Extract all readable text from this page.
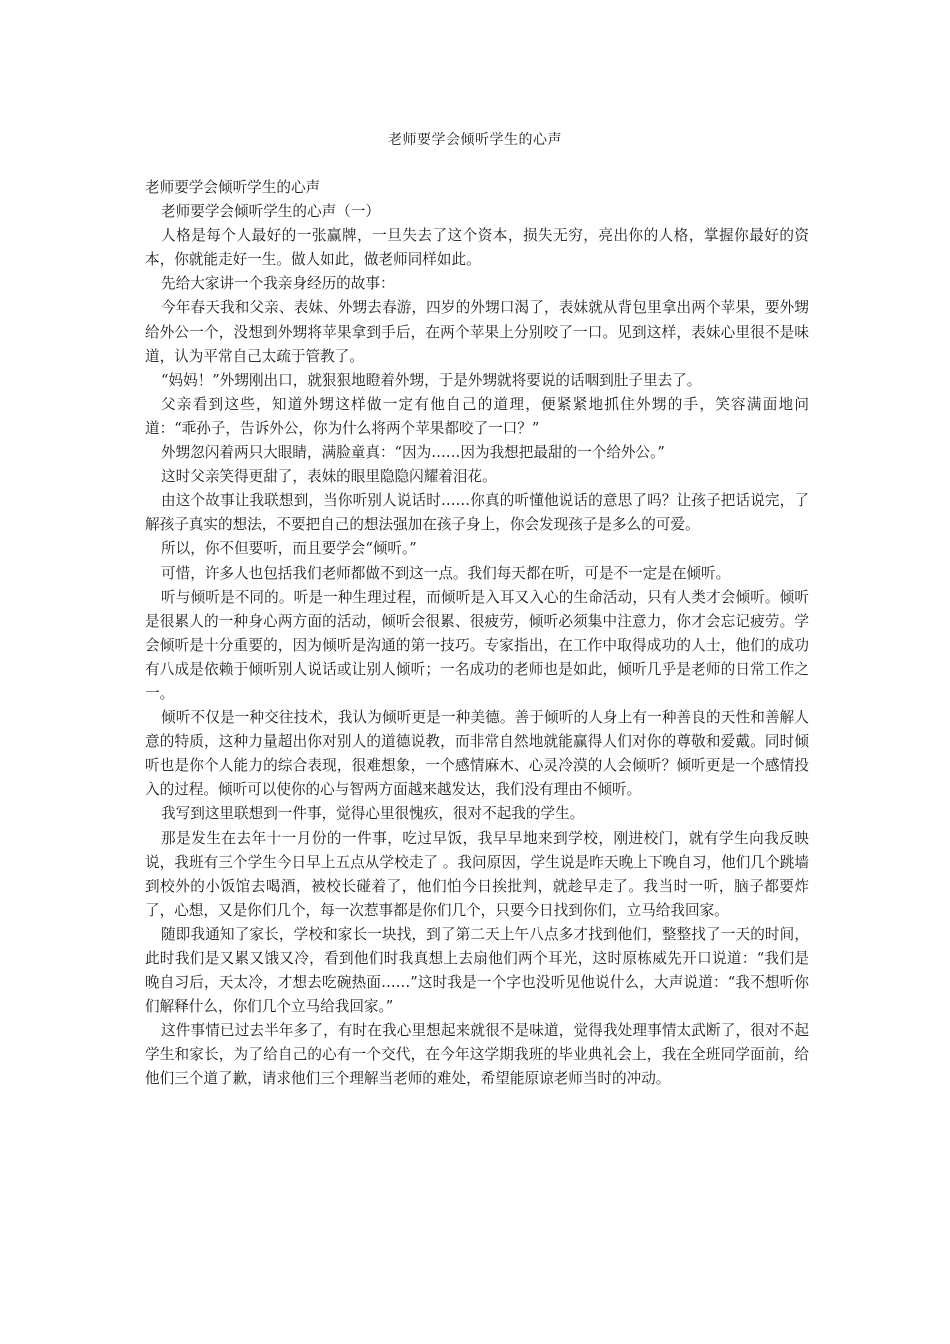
老师要学会倾听学生的心声

老师要学会倾听学生的心声

老师要学会倾听学生的心声（一）

人格是每个人最好的一张赢牌，一旦失去了这个资本，损失无穷，亮出你的人格，掌握你最好的资本，你就能走好一生。做人如此，做老师同样如此。

先给大家讲一个我亲身经历的故事：

今年春天我和父亲、表妹、外甥去春游，四岁的外甥口渴了，表妹就从背包里拿出两个苹果，要外甥给外公一个，没想到外甥将苹果拿到手后，在两个苹果上分别咬了一口。见到这样，表妹心里很不是味道，认为平常自己太疏于管教了。

“妈妈！”外甥刚出口，就狠狠地瞪着外甥，于是外甥就将要说的话咽到肚子里去了。

父亲看到这些，知道外甥这样做一定有他自己的道理，便紧紧地抓住外甥的手，笑容满面地问道：“乖孙子，告诉外公，你为什么将两个苹果都咬了一口？”

外甥忽闪着两只大眼睛，满脸童真：“因为……因为我想把最甜的一个给外公。”

这时父亲笑得更甜了，表妹的眼里隐隐闪耀着泪花。

由这个故事让我联想到，当你听别人说话时……你真的听懂他说话的意思了吗？让孩子把话说完，了解孩子真实的想法，不要把自己的想法强加在孩子身上，你会发现孩子是多么的可爱。

所以，你不但要听，而且要学会“倾听。”

可惜，许多人也包括我们老师都做不到这一点。我们每天都在听，可是不一定是在倾听。

听与倾听是不同的。听是一种生理过程，而倾听是入耳又入心的生命活动，只有人类才会倾听。倾听是很累人的一种身心两方面的活动，倾听会很累、很疲劳，倾听必须集中注意力，你才会忘记疲劳。学会倾听是十分重要的，因为倾听是沟通的第一技巧。专家指出，在工作中取得成功的人士，他们的成功有八成是依赖于倾听别人说话或让别人倾听；一名成功的老师也是如此，倾听几乎是老师的日常工作之一。

倾听不仅是一种交往技术，我认为倾听更是一种美德。善于倾听的人身上有一种善良的天性和善解人意的特质，这种力量超出你对别人的道德说教，而非常自然地就能赢得人们对你的尊敬和爱戴。同时倾听也是你个人能力的综合表现，很难想象，一个感情麻木、心灵冷漠的人会倾听？倾听更是一个感情投入的过程。倾听可以使你的心与智两方面越来越发达，我们没有理由不倾听。

我写到这里联想到一件事，觉得心里很愧疚，很对不起我的学生。

那是发生在去年十一月份的一件事，吃过早饭，我早早地来到学校，刚进校门，就有学生向我反映说，我班有三个学生今日早上五点从学校走了 。我问原因，学生说是昨天晚上下晚自习，他们几个跳墙到校外的小饭馆去喝酒，被校长碰着了，他们怕今日挨批判，就趁早走了。我当时一听，脑子都要炸了，心想，又是你们几个，每一次惹事都是你们几个，只要今日找到你们，立马给我回家。

随即我通知了家长，学校和家长一块找，到了第二天上午八点多才找到他们，整整找了一天的时间，此时我们是又累又饿又冷，看到他们时我真想上去扇他们两个耳光，这时原栋威先开口说道：“我们是晚自习后，天太冷，才想去吃碗热面……”这时我是一个字也没听见他说什么，大声说道：“我不想听你们解释什么，你们几个立马给我回家。”

这件事情已过去半年多了，有时在我心里想起来就很不是味道，觉得我处理事情太武断了，很对不起学生和家长，为了给自己的心有一个交代，在今年这学期我班的毕业典礼会上，我在全班同学面前，给他们三个道了歉，请求他们三个理解当老师的难处，希望能原谅老师当时的冲动。
